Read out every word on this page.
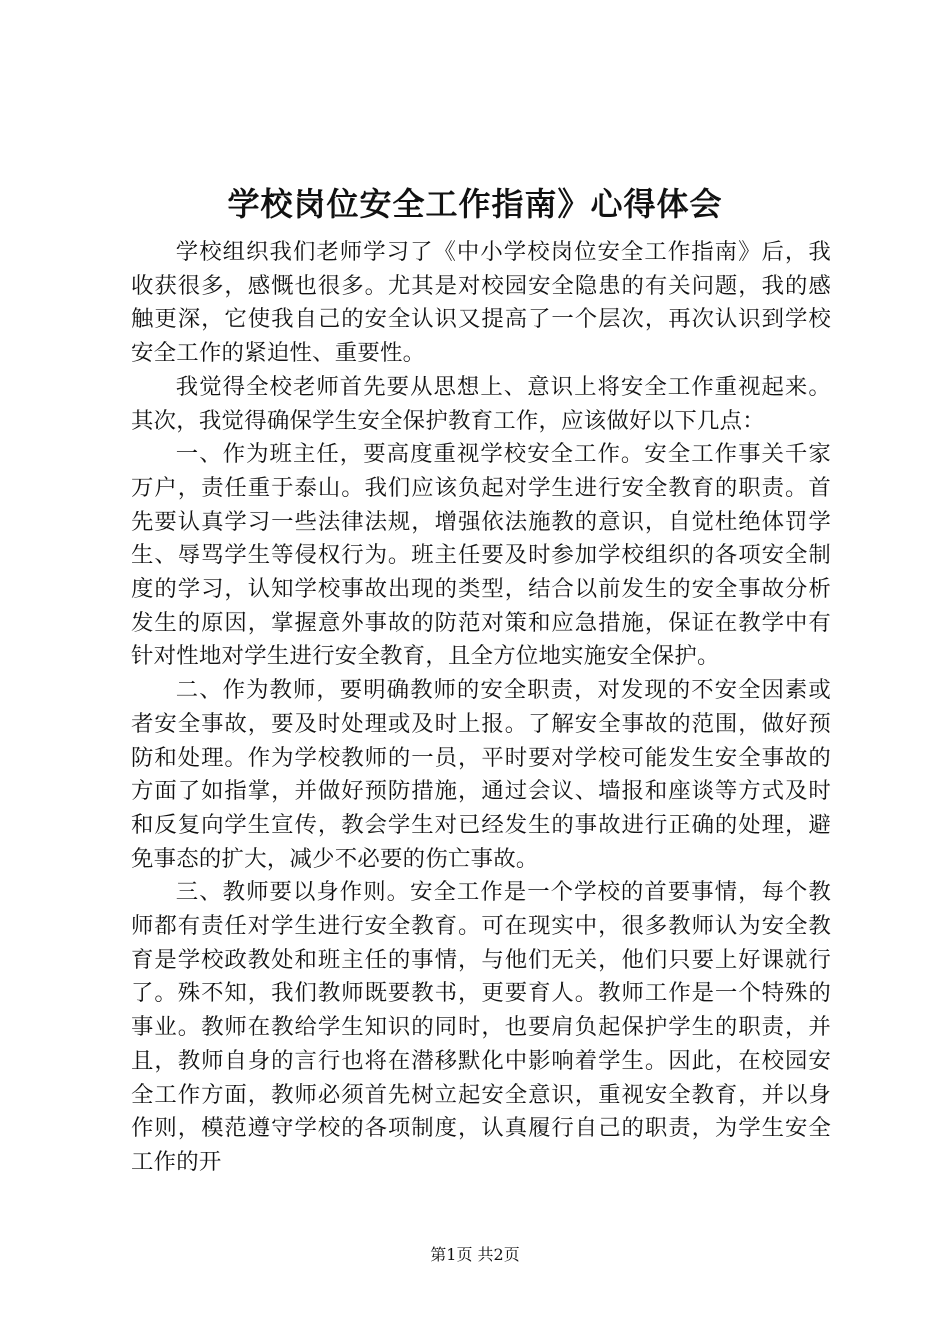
学校岗位安全工作指南》心得体会

学校组织我们老师学习了《中小学校岗位安全工作指南》后，我收获很多，感慨也很多。尤其是对校园安全隐患的有关问题，我的感触更深，它使我自己的安全认识又提高了一个层次，再次认识到学校安全工作的紧迫性、重要性。

我觉得全校老师首先要从思想上、意识上将安全工作重视起来。其次，我觉得确保学生安全保护教育工作，应该做好以下几点：

一、作为班主任，要高度重视学校安全工作。安全工作事关千家万户，责任重于泰山。我们应该负起对学生进行安全教育的职责。首先要认真学习一些法律法规，增强依法施教的意识，自觉杜绝体罚学生、辱骂学生等侵权行为。班主任要及时参加学校组织的各项安全制度的学习，认知学校事故出现的类型，结合以前发生的安全事故分析发生的原因，掌握意外事故的防范对策和应急措施，保证在教学中有针对性地对学生进行安全教育，且全方位地实施安全保护。

二、作为教师，要明确教师的安全职责，对发现的不安全因素或者安全事故，要及时处理或及时上报。了解安全事故的范围，做好预防和处理。作为学校教师的一员，平时要对学校可能发生安全事故的方面了如指掌，并做好预防措施，通过会议、墙报和座谈等方式及时和反复向学生宣传，教会学生对已经发生的事故进行正确的处理，避免事态的扩大，减少不必要的伤亡事故。

三、教师要以身作则。安全工作是一个学校的首要事情，每个教师都有责任对学生进行安全教育。可在现实中，很多教师认为安全教育是学校政教处和班主任的事情，与他们无关，他们只要上好课就行了。殊不知，我们教师既要教书，更要育人。教师工作是一个特殊的事业。教师在教给学生知识的同时，也要肩负起保护学生的职责，并且，教师自身的言行也将在潜移默化中影响着学生。因此，在校园安全工作方面，教师必须首先树立起安全意识，重视安全教育，并以身作则，模范遵守学校的各项制度，认真履行自己的职责，为学生安全工作的开

第1页 共2页
